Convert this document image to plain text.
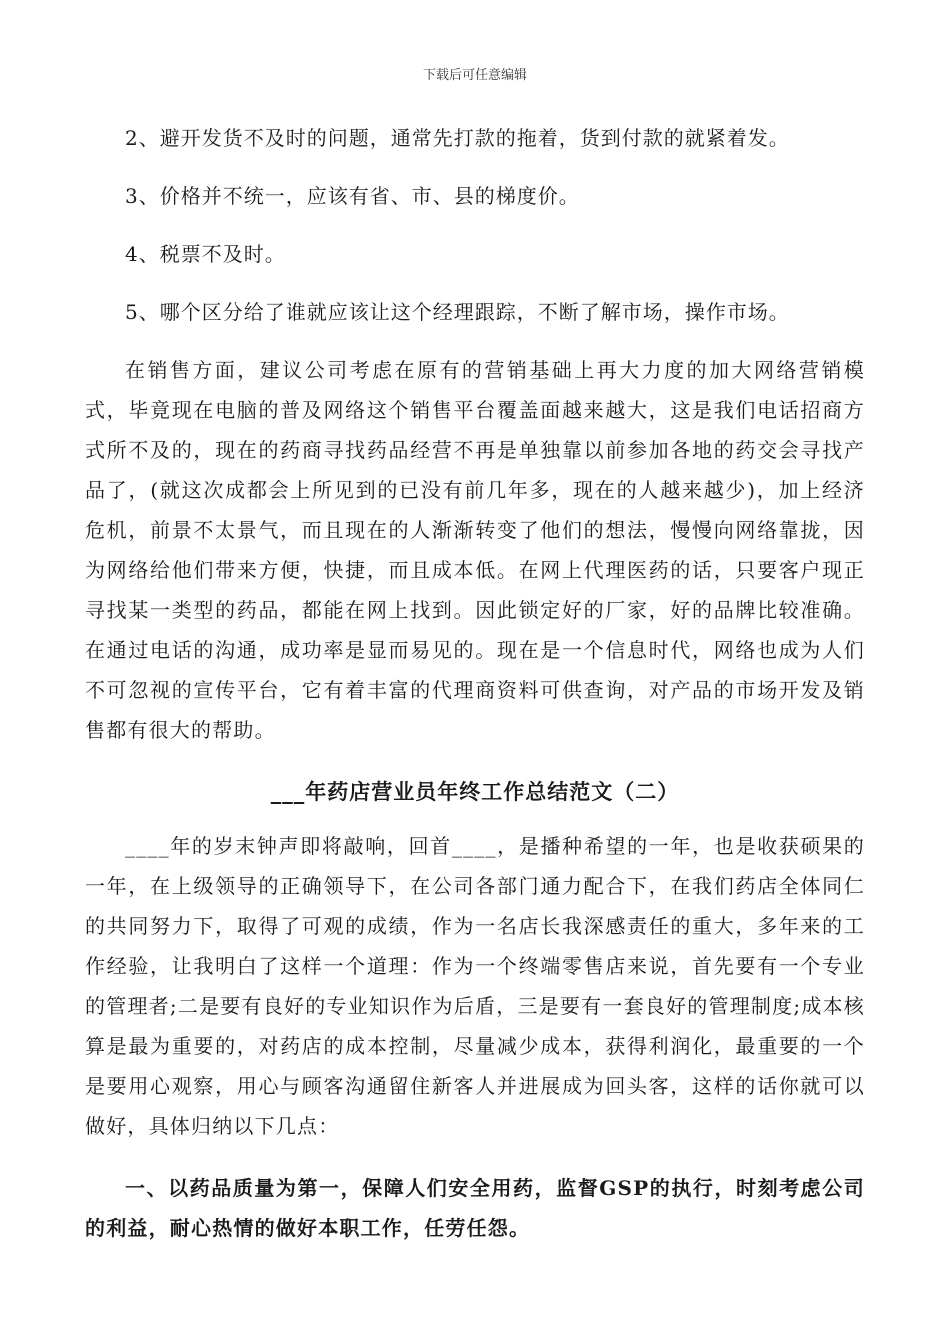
下载后可任意编辑

2、避开发货不及时的问题，通常先打款的拖着，货到付款的就紧着发。

3、价格并不统一，应该有省、市、县的梯度价。

4、税票不及时。

5、哪个区分给了谁就应该让这个经理跟踪，不断了解市场，操作市场。

在销售方面，建议公司考虑在原有的营销基础上再大力度的加大网络营销模式，毕竟现在电脑的普及网络这个销售平台覆盖面越来越大，这是我们电话招商方式所不及的，现在的药商寻找药品经营不再是单独靠以前参加各地的药交会寻找产品了，(就这次成都会上所见到的已没有前几年多，现在的人越来越少)，加上经济危机，前景不太景气，而且现在的人渐渐转变了他们的想法，慢慢向网络靠拢，因为网络给他们带来方便，快捷，而且成本低。在网上代理医药的话，只要客户现正寻找某一类型的药品，都能在网上找到。因此锁定好的厂家，好的品牌比较准确。在通过电话的沟通，成功率是显而易见的。现在是一个信息时代，网络也成为人们不可忽视的宣传平台，它有着丰富的代理商资料可供查询，对产品的市场开发及销售都有很大的帮助。

___年药店营业员年终工作总结范文（二）

____年的岁末钟声即将敲响，回首____，是播种希望的一年，也是收获硕果的一年，在上级领导的正确领导下，在公司各部门通力配合下，在我们药店全体同仁的共同努力下，取得了可观的成绩，作为一名店长我深感责任的重大，多年来的工作经验，让我明白了这样一个道理：作为一个终端零售店来说，首先要有一个专业的管理者;二是要有良好的专业知识作为后盾，三是要有一套良好的管理制度;成本核算是最为重要的，对药店的成本控制，尽量减少成本，获得利润化，最重要的一个是要用心观察，用心与顾客沟通留住新客人并进展成为回头客，这样的话你就可以做好，具体归纳以下几点：

一、以药品质量为第一，保障人们安全用药，监督GSP的执行，时刻考虑公司的利益，耐心热情的做好本职工作，任劳任怨。
